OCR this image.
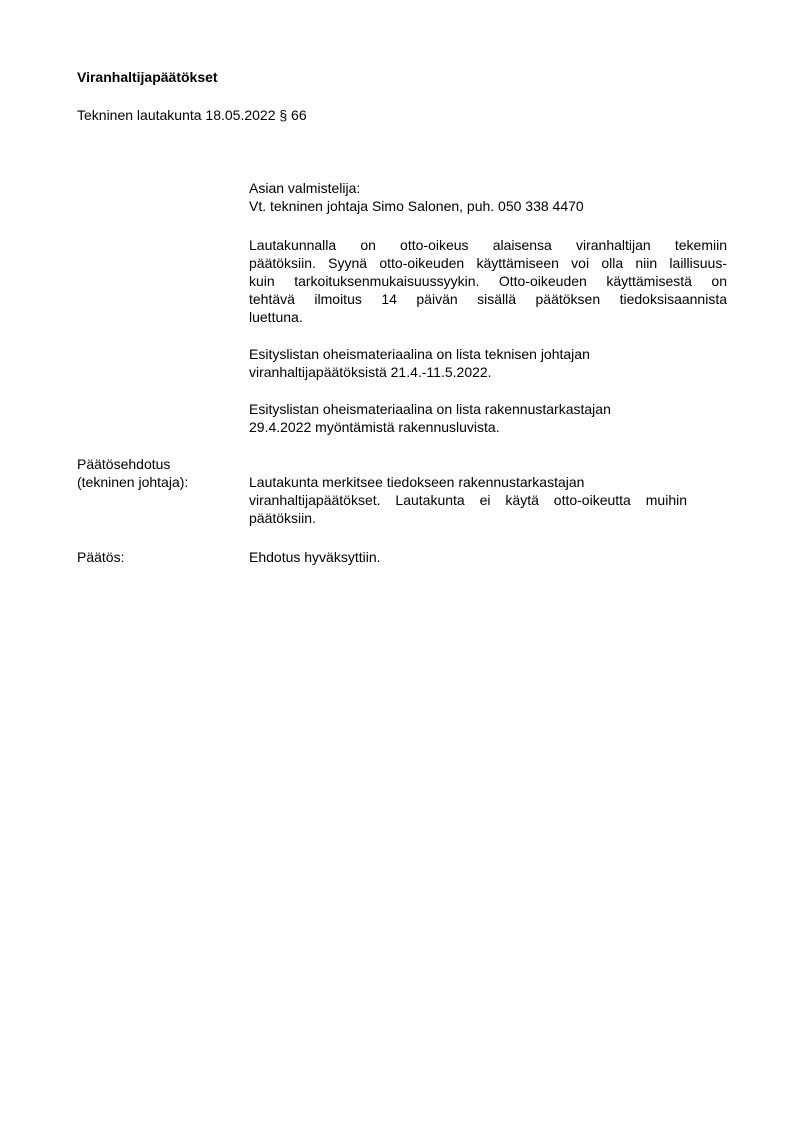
Viranhaltijapäätökset
Tekninen lautakunta 18.05.2022 § 66
Asian valmistelija:
Vt. tekninen johtaja Simo Salonen, puh. 050 338 4470
Lautakunnalla on otto-oikeus alaisensa viranhaltijan tekemiin
päätöksiin. Syynä otto-oikeuden käyttämiseen voi olla niin laillisuus-
kuin tarkoituksenmukaisuussyykin. Otto-oikeuden käyttämisestä on
tehtävä ilmoitus 14 päivän sisällä päätöksen tiedoksisaannista
luettuna.
Esityslistan oheismateriaalina on lista teknisen johtajan
viranhaltijapäätöksistä 21.4.-11.5.2022.
Esityslistan oheismateriaalina on lista rakennustarkastajan
29.4.2022 myöntämistä rakennusluvista.
Päätösehdotus
(tekninen johtaja):	Lautakunta merkitsee tiedokseen rakennustarkastajan
viranhaltijapäätökset. Lautakunta ei käytä otto-oikeutta muihin
päätöksiin.
Päätös:	Ehdotus hyväksyttiin.
